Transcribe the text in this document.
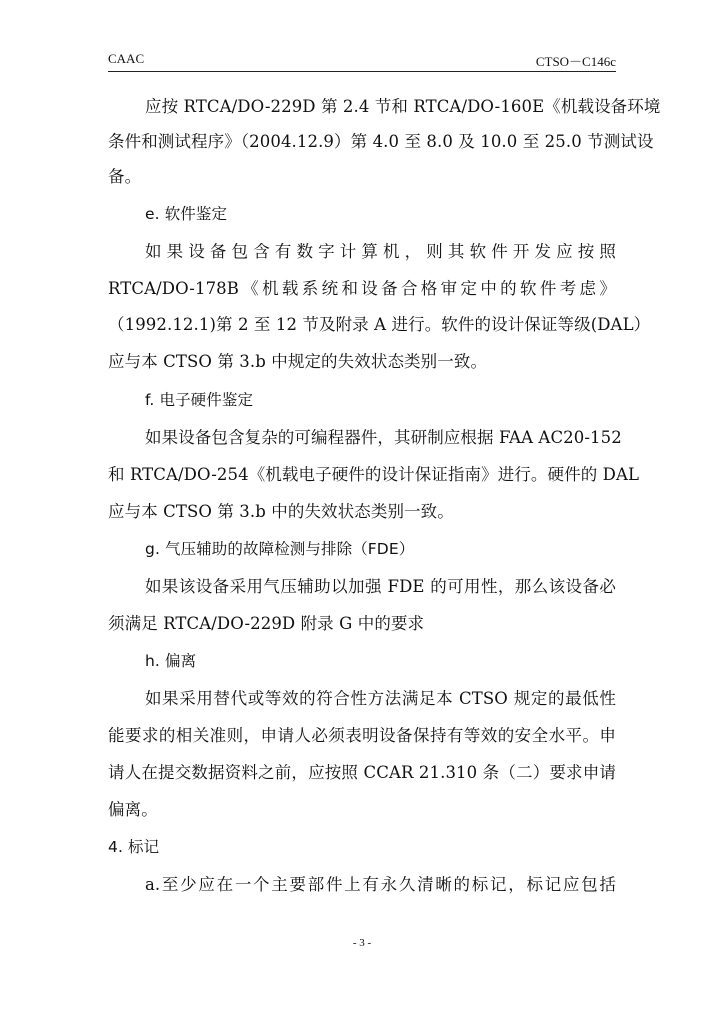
CAAC	CTSO－C146c
应按 RTCA/DO-229D 第 2.4 节和 RTCA/DO-160E《机载设备环境
条件和测试程序》（2004.12.9）第 4.0 至 8.0 及 10.0 至 25.0 节测试设
备。
e. 软件鉴定
如果设备包含有数字计算机，则其软件开发应按照
RTCA/DO-178B《机载系统和设备合格审定中的软件考虑》
（1992.12.1)第 2 至 12 节及附录 A 进行。软件的设计保证等级(DAL）
应与本 CTSO 第 3.b 中规定的失效状态类别一致。
f. 电子硬件鉴定
如果设备包含复杂的可编程器件，其研制应根据 FAA AC20-152
和 RTCA/DO-254《机载电子硬件的设计保证指南》进行。硬件的 DAL
应与本 CTSO 第 3.b 中的失效状态类别一致。
g. 气压辅助的故障检测与排除（FDE）
如果该设备采用气压辅助以加强 FDE 的可用性，那么该设备必
须满足 RTCA/DO-229D 附录 G 中的要求
h. 偏离
如果采用替代或等效的符合性方法满足本 CTSO 规定的最低性
能要求的相关准则，申请人必须表明设备保持有等效的安全水平。申
请人在提交数据资料之前，应按照 CCAR 21.310 条（二）要求申请
偏离。
4. 标记
a.至少应在一个主要部件上有永久清晰的标记，标记应包括
- 3 -
